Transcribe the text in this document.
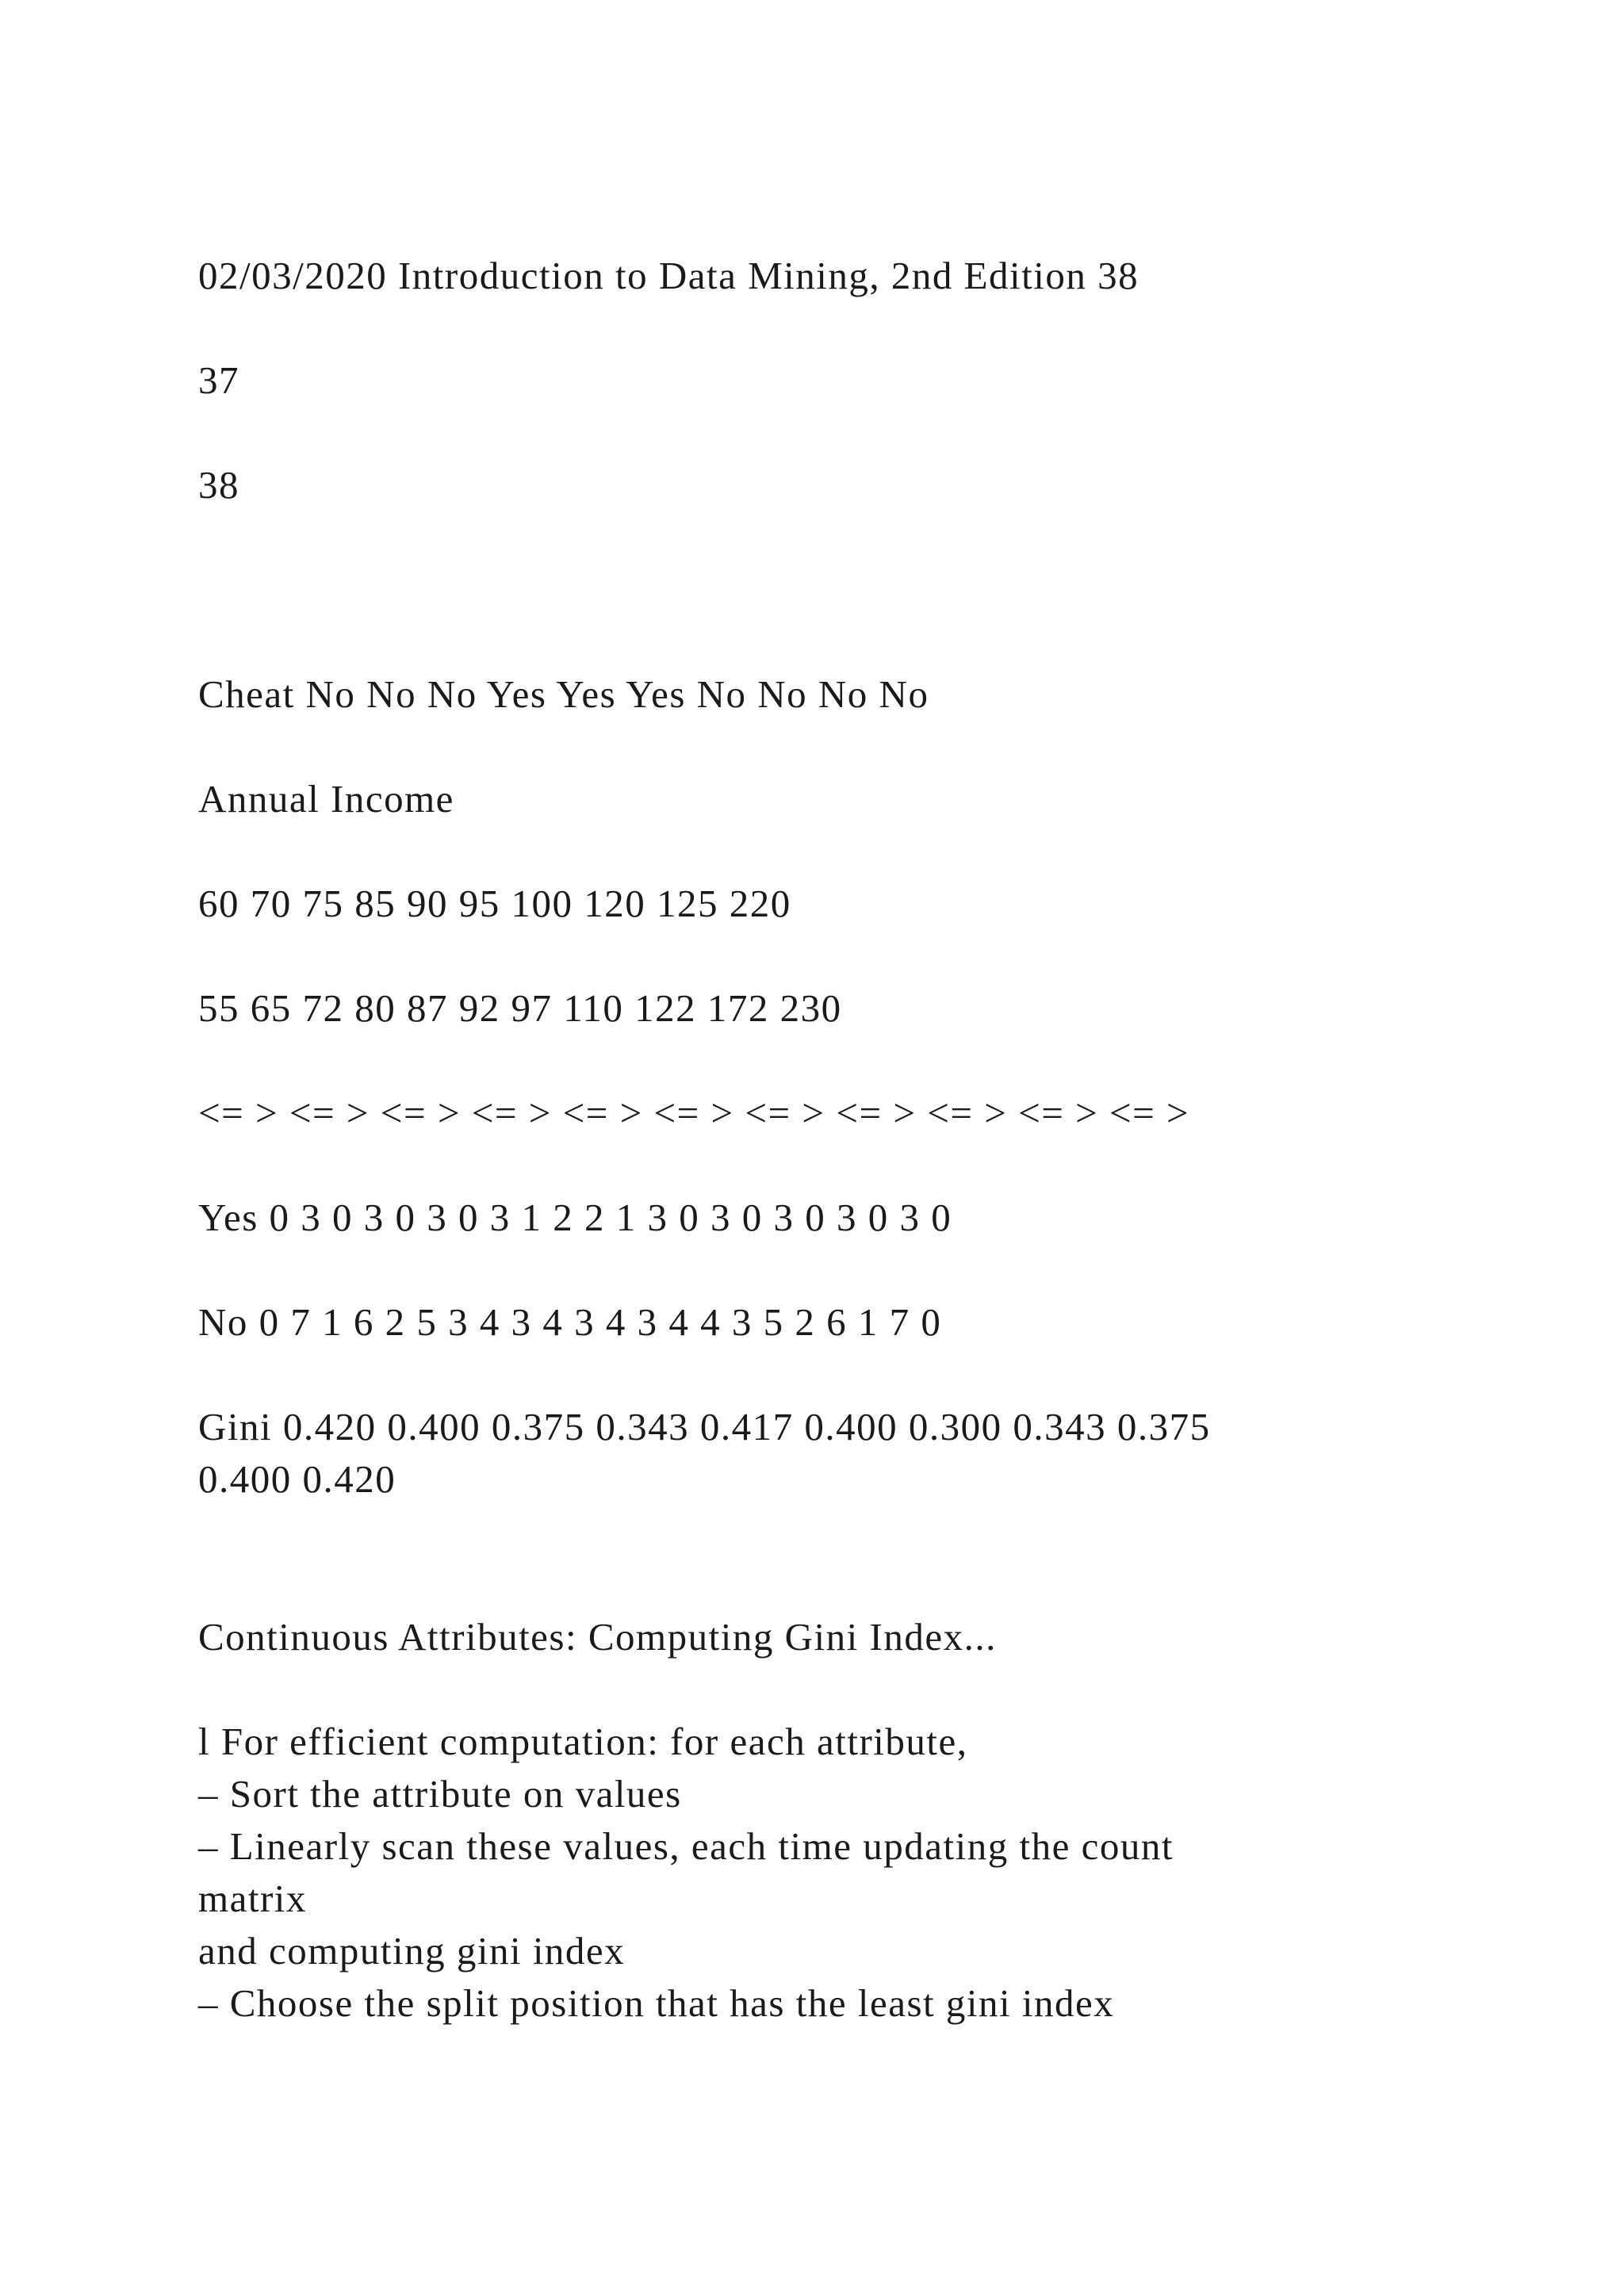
02/03/2020 Introduction to Data Mining, 2nd Edition 38
37
38
Cheat No No No Yes Yes Yes No No No No
Annual Income
60 70 75 85 90 95 100 120 125 220
55 65 72 80 87 92 97 110 122 172 230
<= > <= > <= > <= > <= > <= > <= > <= > <= > <= > <= >
Yes 0 3 0 3 0 3 0 3 1 2 2 1 3 0 3 0 3 0 3 0 3 0
No 0 7 1 6 2 5 3 4 3 4 3 4 3 4 4 3 5 2 6 1 7 0
Gini 0.420 0.400 0.375 0.343 0.417 0.400 0.300 0.343 0.375
0.400 0.420
Continuous Attributes: Computing Gini Index...
l For efficient computation: for each attribute,
– Sort the attribute on values
– Linearly scan these values, each time updating the count
matrix
and computing gini index
– Choose the split position that has the least gini index
